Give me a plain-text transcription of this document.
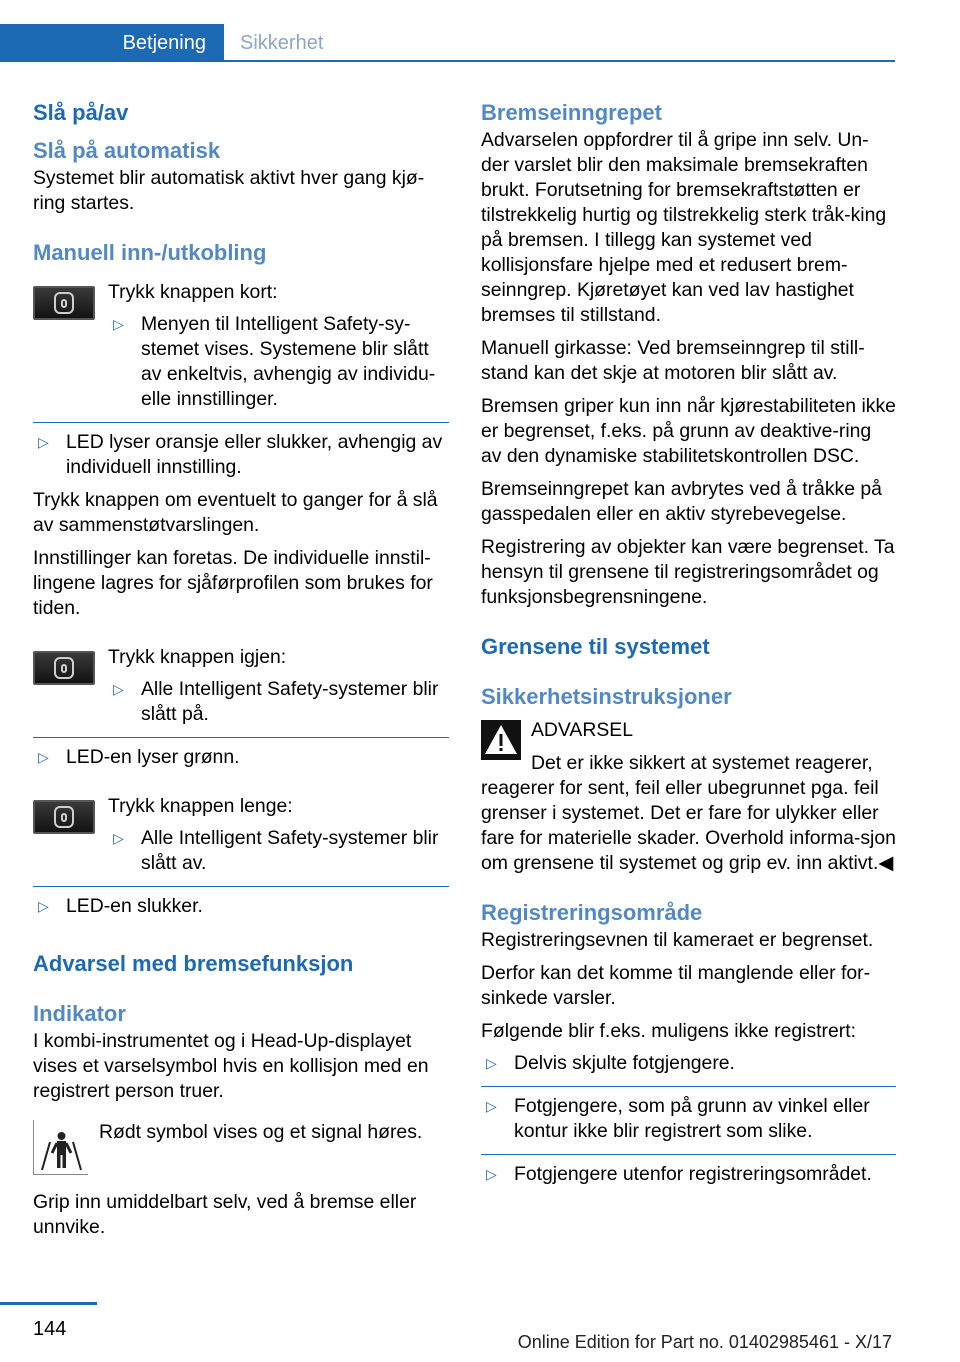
Betjening	Sikkerhet
Slå på/av
Slå på automatisk
Systemet blir automatisk aktivt hver gang kjø-ring startes.
Manuell inn-/utkobling
Trykk knappen kort:
▷ Menyen til Intelligent Safety-sy-stemet vises. Systemene blir slått av enkeltvis, avhengig av individu-elle innstillinger.
▷ LED lyser oransje eller slukker, avhengig av individuell innstilling.
Trykk knappen om eventuelt to ganger for å slå av sammenstøtvarslingen.
Innstillinger kan foretas. De individuelle innstil-lingene lagres for sjåførprofilen som brukes for tiden.
Trykk knappen igjen:
▷ Alle Intelligent Safety-systemer blir slått på.
▷ LED-en lyser grønn.
Trykk knappen lenge:
▷ Alle Intelligent Safety-systemer blir slått av.
▷ LED-en slukker.
Advarsel med bremsefunksjon
Indikator
I kombi-instrumentet og i Head-Up-displayet vises et varselsymbol hvis en kollisjon med en registrert person truer.
Rødt symbol vises og et signal høres.
Grip inn umiddelbart selv, ved å bremse eller unnvike.
Bremseinngrepet
Advarselen oppfordrer til å gripe inn selv. Un-der varslet blir den maksimale bremsekraften brukt. Forutsetning for bremsekraftstøtten er tilstrekkelig hurtig og tilstrekkelig sterk tråk-king på bremsen. I tillegg kan systemet ved kollisjonsfare hjelpe med et redusert brem-seinngrep. Kjøretøyet kan ved lav hastighet bremses til stillstand.
Manuell girkasse: Ved bremseinngrep til still-stand kan det skje at motoren blir slått av.
Bremsen griper kun inn når kjørestabiliteten ikke er begrenset, f.eks. på grunn av deaktive-ring av den dynamiske stabilitetskontrollen DSC.
Bremseinngrepet kan avbrytes ved å tråkke på gasspedalen eller en aktiv styrebevegelse.
Registrering av objekter kan være begrenset. Ta hensyn til grensene til registreringsområdet og funksjonsbegrensningene.
Grensene til systemet
Sikkerhetsinstruksjoner
ADVARSEL
Det er ikke sikkert at systemet reagerer,
reagerer for sent, feil eller ubegrunnet pga. feil grenser i systemet. Det er fare for ulykker eller fare for materielle skader. Overhold informa-sjon om grensene til systemet og grip ev. inn aktivt.◀
Registreringsområde
Registreringsevnen til kameraet er begrenset.
Derfor kan det komme til manglende eller for-sinkede varsler.
Følgende blir f.eks. muligens ikke registrert:
▷ Delvis skjulte fotgjengere.
▷ Fotgjengere, som på grunn av vinkel eller kontur ikke blir registrert som slike.
▷ Fotgjengere utenfor registreringsområdet.
144
Online Edition for Part no. 01402985461 - X/17
